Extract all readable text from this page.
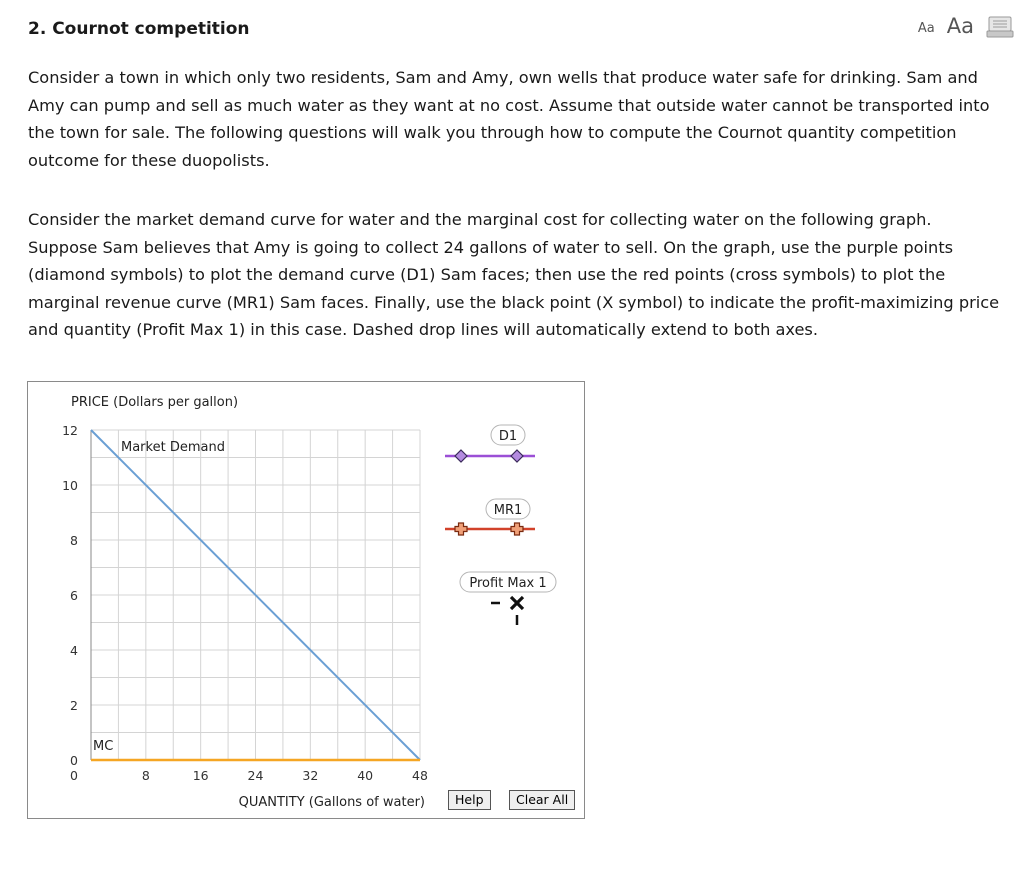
2. Cournot competition	Aa Aa

Consider a town in which only two residents, Sam and Amy, own wells that produce water safe for drinking. Sam and Amy can pump and sell as much water as they want at no cost. Assume that outside water cannot be transported into the town for sale. The following questions will walk you through how to compute the Cournot quantity competition outcome for these duopolists.

Consider the market demand curve for water and the marginal cost for collecting water on the following graph. Suppose Sam believes that Amy is going to collect 24 gallons of water to sell. On the graph, use the purple points (diamond symbols) to plot the demand curve (D1) Sam faces; then use the red points (cross symbols) to plot the marginal revenue curve (MR1) Sam faces. Finally, use the black point (X symbol) to indicate the profit-maximizing price and quantity (Profit Max 1) in this case. Dashed drop lines will automatically extend to both axes.

0
2
4
6
8
10
12
0	8	16	24	32	40	48
PRICE (Dollars per gallon)
QUANTITY (Gallons of water)
Market Demand
MC
D1
MR1
Profit Max 1
Help	Clear All
